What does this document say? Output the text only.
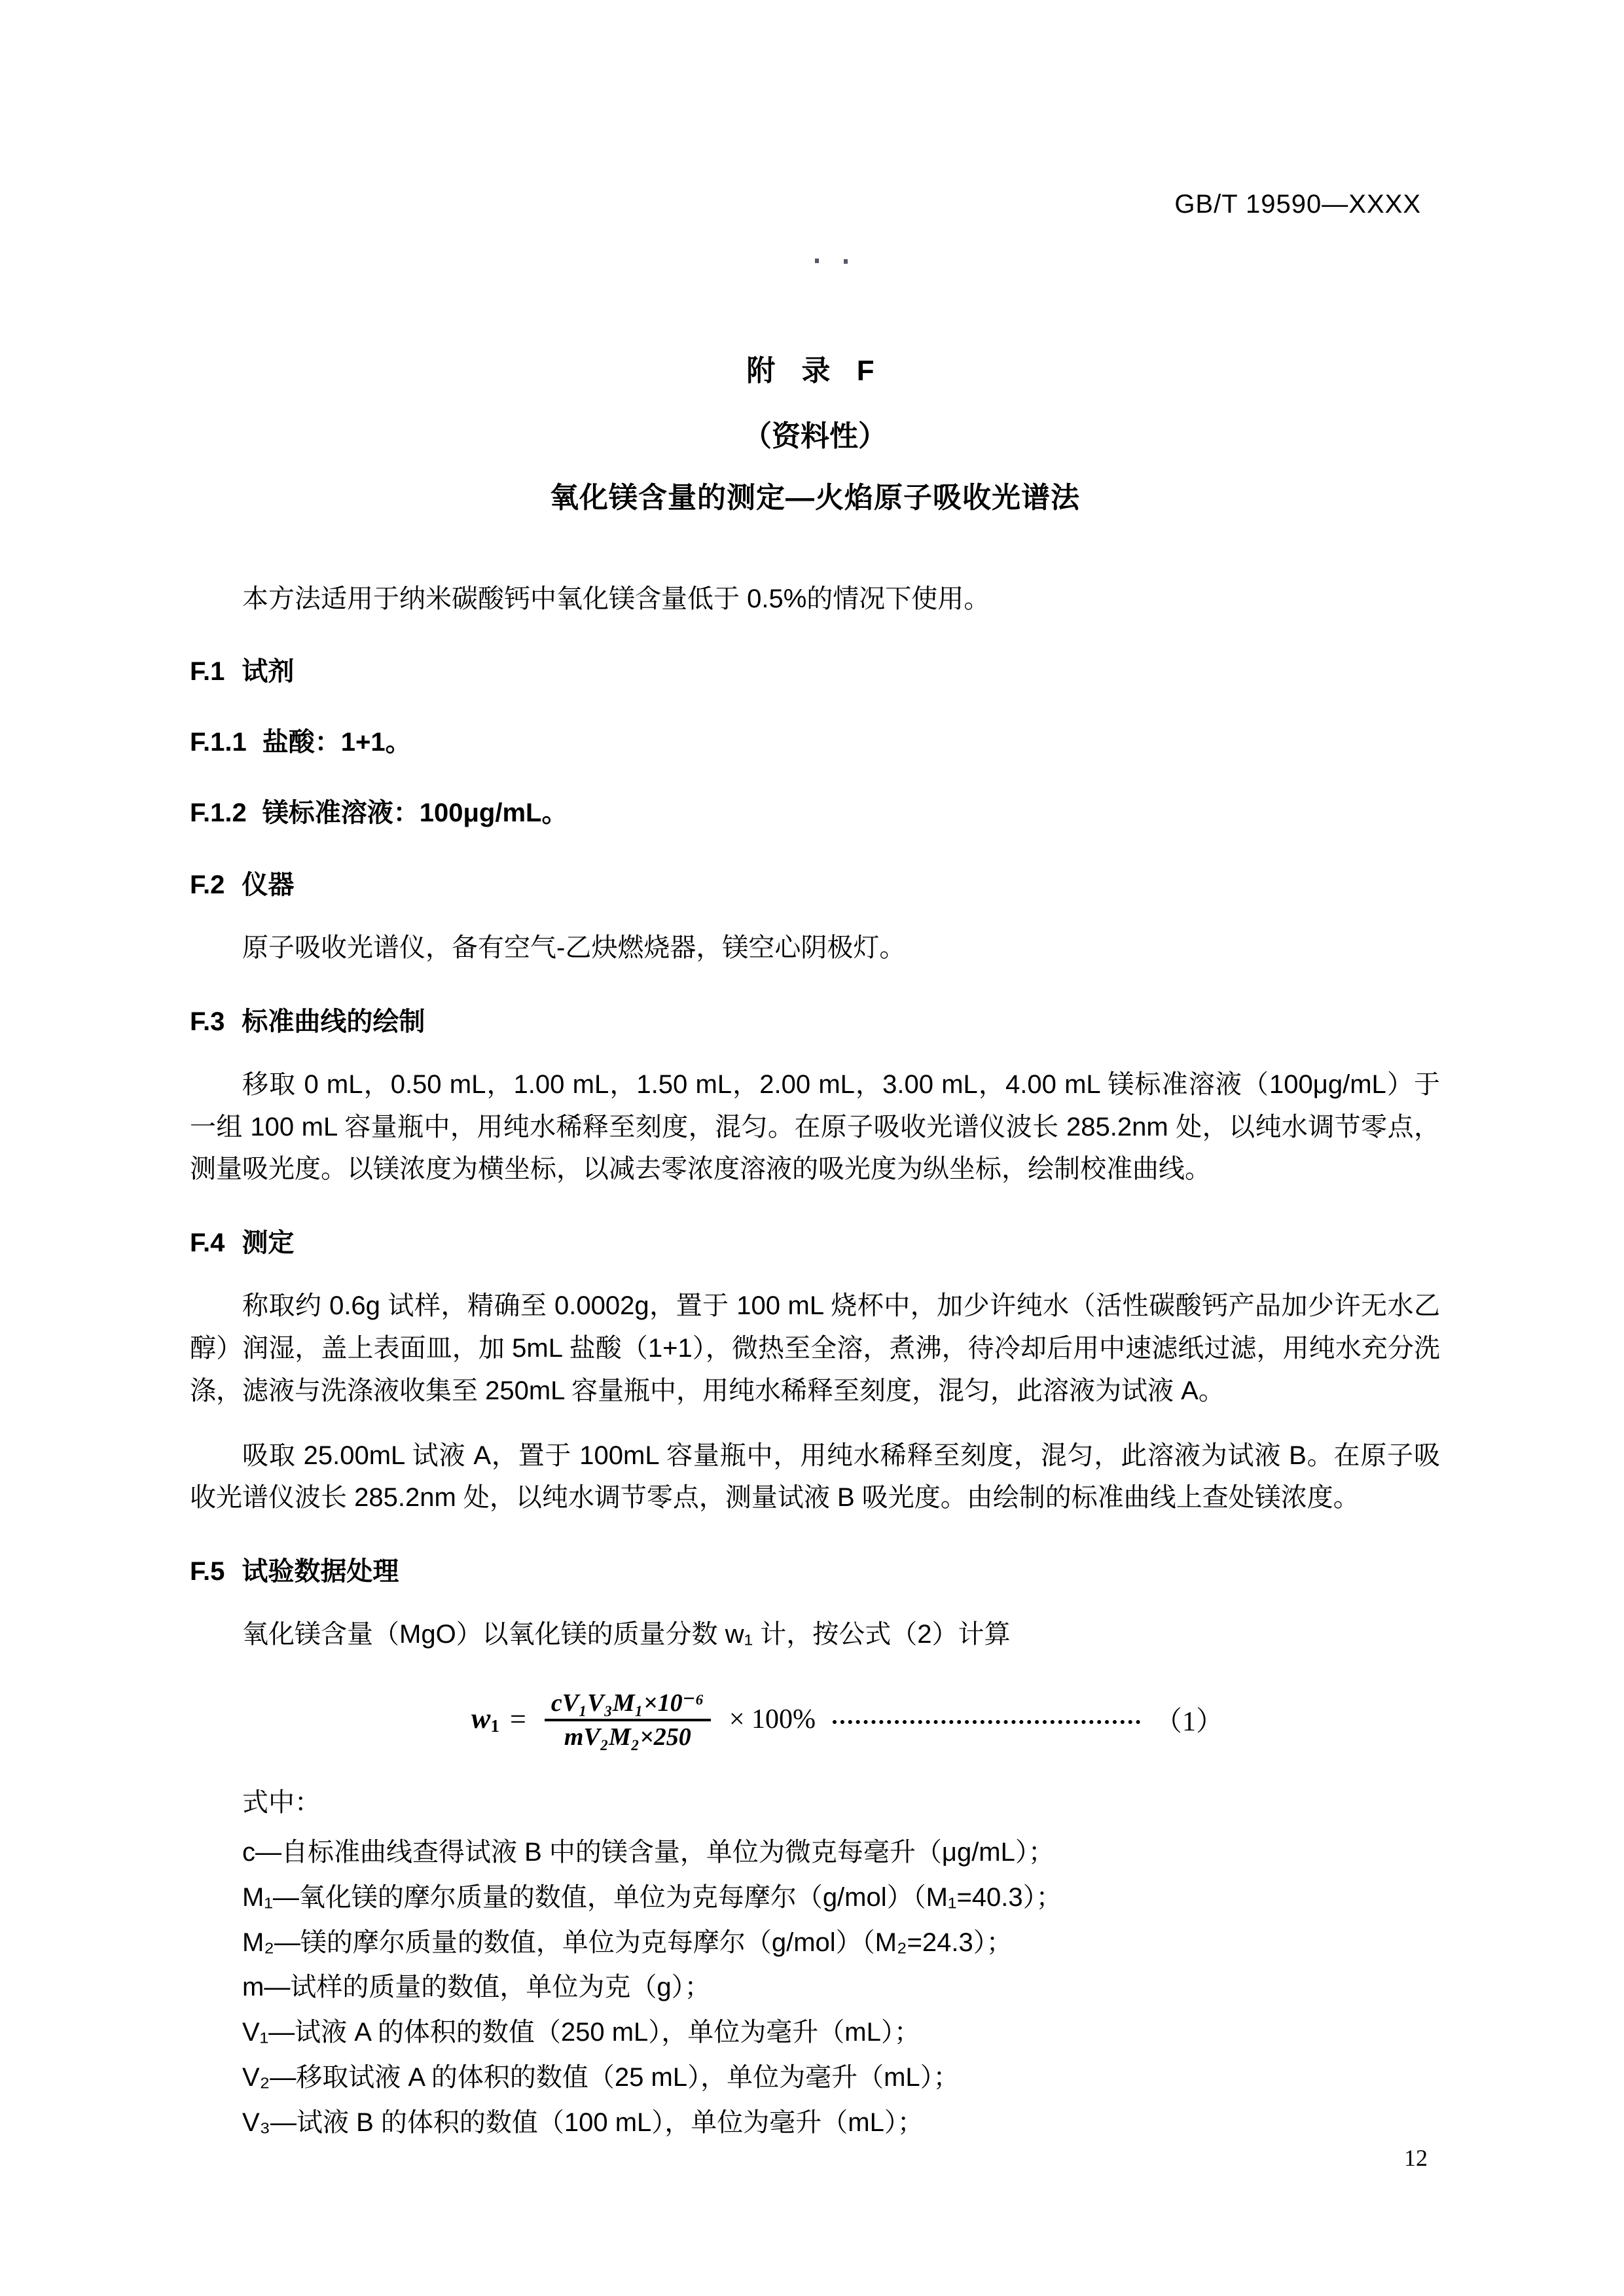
GB/T 19590—XXXX
附 录 F
（资料性）
氧化镁含量的测定—火焰原子吸收光谱法
本方法适用于纳米碳酸钙中氧化镁含量低于 0.5%的情况下使用。
F.1 试剂
F.1.1 盐酸：1+1。
F.1.2 镁标准溶液：100μg/mL。
F.2 仪器
原子吸收光谱仪，备有空气-乙炔燃烧器，镁空心阴极灯。
F.3 标准曲线的绘制
移取 0 mL，0.50 mL，1.00 mL，1.50 mL，2.00 mL，3.00 mL，4.00 mL 镁标准溶液（100μg/mL）于一组 100 mL 容量瓶中，用纯水稀释至刻度，混匀。在原子吸收光谱仪波长 285.2nm 处，以纯水调节零点，测量吸光度。以镁浓度为横坐标，以减去零浓度溶液的吸光度为纵坐标，绘制校准曲线。
F.4 测定
称取约 0.6g 试样，精确至 0.0002g，置于 100 mL 烧杯中，加少许纯水（活性碳酸钙产品加少许无水乙醇）润湿，盖上表面皿，加 5mL 盐酸（1+1），微热至全溶，煮沸，待冷却后用中速滤纸过滤，用纯水充分洗涤，滤液与洗涤液收集至 250mL 容量瓶中，用纯水稀释至刻度，混匀，此溶液为试液 A。
吸取 25.00mL 试液 A，置于 100mL 容量瓶中，用纯水稀释至刻度，混匀，此溶液为试液 B。在原子吸收光谱仪波长 285.2nm 处，以纯水调节零点，测量试液 B 吸光度。由绘制的标准曲线上查处镁浓度。
F.5 试验数据处理
氧化镁含量（MgO）以氧化镁的质量分数 w₁ 计，按公式（2）计算
$w_1 = \frac{\text{cV₁V₃M₁×10⁻⁶}}{\text{mV₂M₂×250}} \times 100\%$	（1）
式中：
c—自标准曲线查得试液 B 中的镁含量，单位为微克每毫升（μg/mL）；
M₁—氧化镁的摩尔质量的数值，单位为克每摩尔（g/mol）（M₁=40.3）；
M₂—镁的摩尔质量的数值，单位为克每摩尔（g/mol）（M₂=24.3）；
m—试样的质量的数值，单位为克（g）；
V₁—试液 A 的体积的数值（250 mL），单位为毫升（mL）；
V₂—移取试液 A 的体积的数值（25 mL），单位为毫升（mL）；
V₃—试液 B 的体积的数值（100 mL），单位为毫升（mL）；
12
